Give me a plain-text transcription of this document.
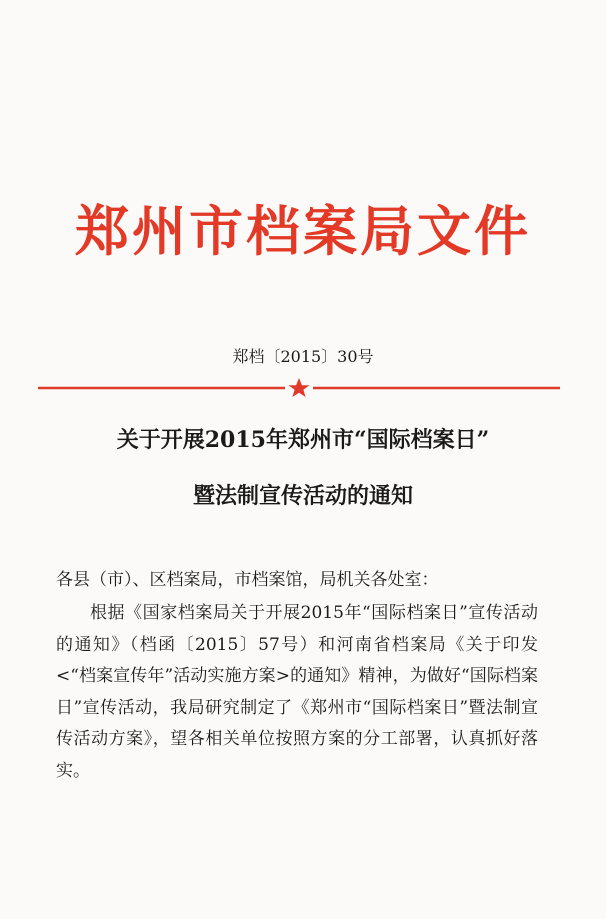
郑州市档案局文件
郑档〔2015〕30号
关于开展2015年郑州市“国际档案日”
暨法制宣传活动的通知
各县（市）、区档案局，市档案馆，局机关各处室：
根据《国家档案局关于开展2015年“国际档案日”宣传活动的通知》（档函〔2015〕57号）和河南省档案局《关于印发<“档案宣传年”活动实施方案>的通知》精神，为做好“国际档案日”宣传活动，我局研究制定了《郑州市“国际档案日”暨法制宣传活动方案》，望各相关单位按照方案的分工部署，认真抓好落实。
